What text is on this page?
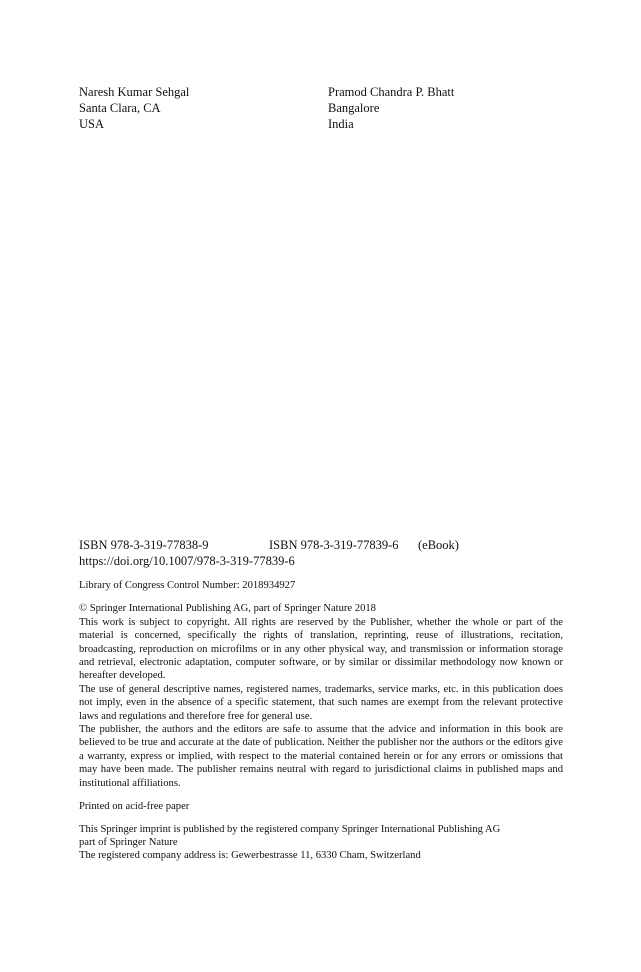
Naresh Kumar Sehgal
Santa Clara, CA
USA
Pramod Chandra P. Bhatt
Bangalore
India
ISBN 978-3-319-77838-9	ISBN 978-3-319-77839-6 (eBook)
https://doi.org/10.1007/978-3-319-77839-6
Library of Congress Control Number: 2018934927
© Springer International Publishing AG, part of Springer Nature 2018
This work is subject to copyright. All rights are reserved by the Publisher, whether the whole or part of the material is concerned, specifically the rights of translation, reprinting, reuse of illustrations, recitation, broadcasting, reproduction on microfilms or in any other physical way, and transmission or information storage and retrieval, electronic adaptation, computer software, or by similar or dissimilar methodology now known or hereafter developed.
The use of general descriptive names, registered names, trademarks, service marks, etc. in this publication does not imply, even in the absence of a specific statement, that such names are exempt from the relevant protective laws and regulations and therefore free for general use.
The publisher, the authors and the editors are safe to assume that the advice and information in this book are believed to be true and accurate at the date of publication. Neither the publisher nor the authors or the editors give a warranty, express or implied, with respect to the material contained herein or for any errors or omissions that may have been made. The publisher remains neutral with regard to jurisdictional claims in published maps and institutional affiliations.
Printed on acid-free paper
This Springer imprint is published by the registered company Springer International Publishing AG
part of Springer Nature
The registered company address is: Gewerbestrasse 11, 6330 Cham, Switzerland
